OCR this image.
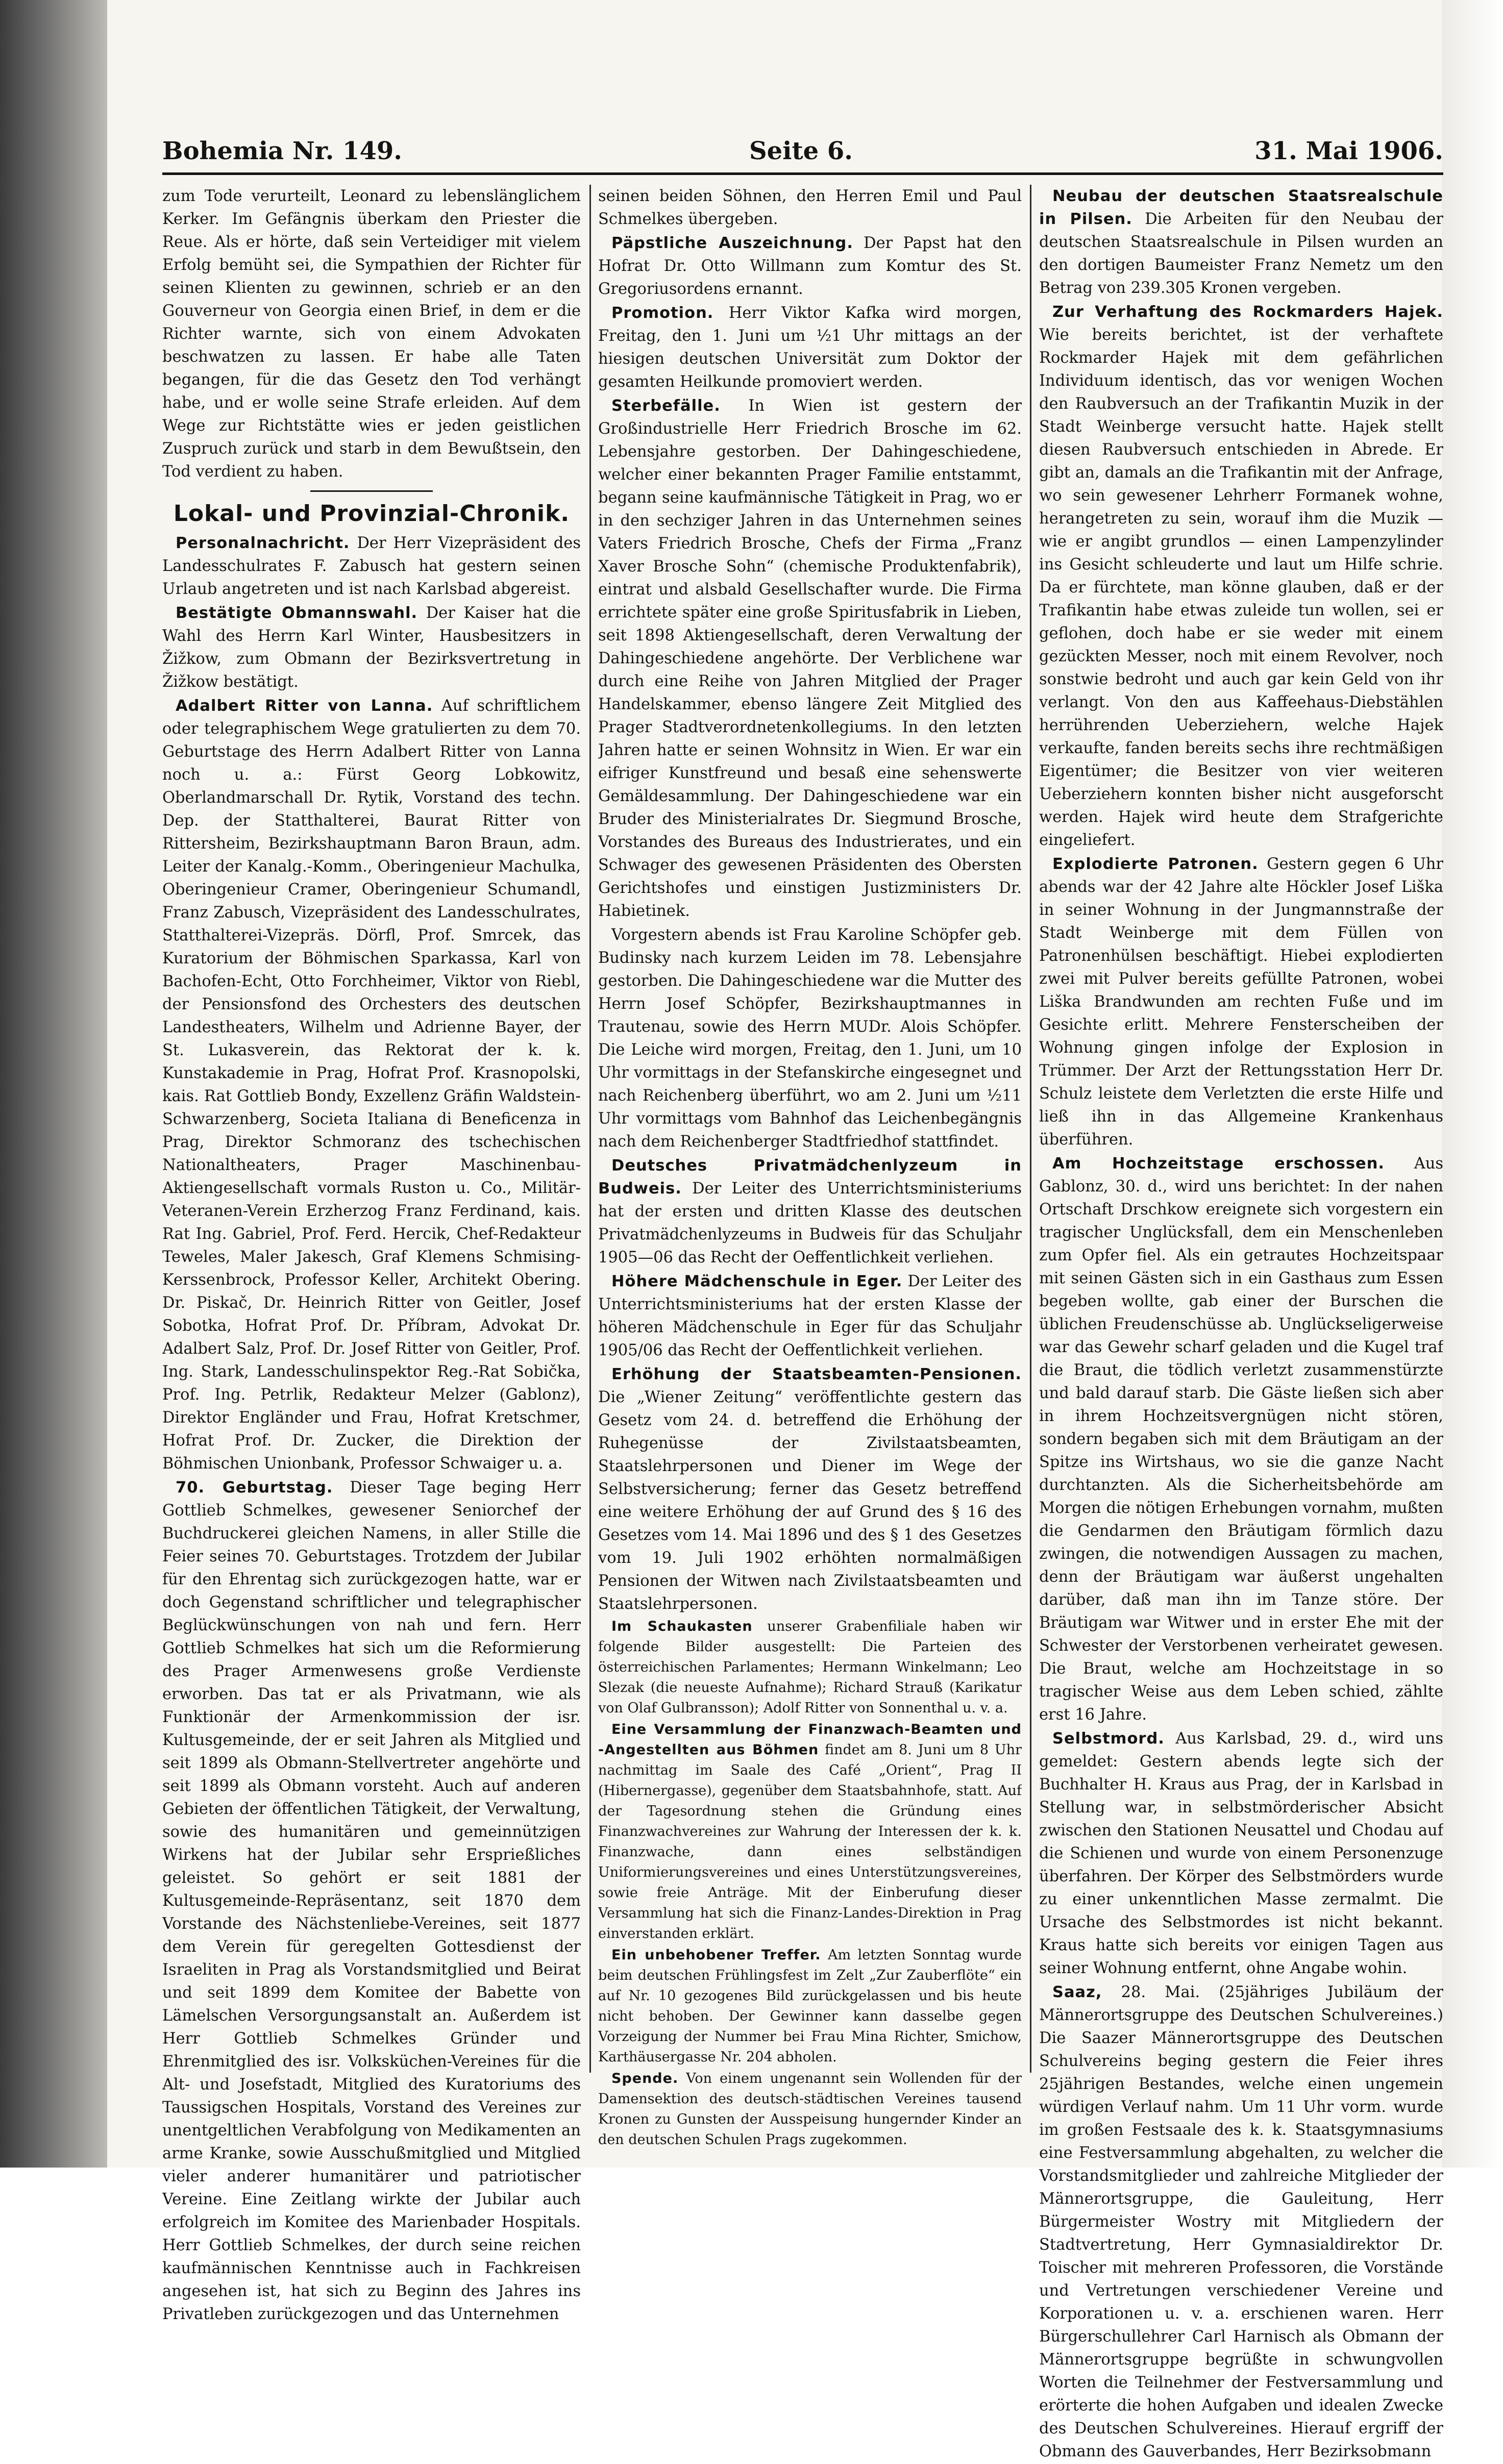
Bohemia Nr. 149.	Seite 6.	31. Mai 1906.

zum Tode verurteilt, Leonard zu lebenslänglichem Kerker. Im Gefängnis überkam den Priester die Reue. Als er hörte, daß sein Verteidiger mit vielem Erfolg bemüht sei, die Sympathien der Richter für seinen Klienten zu gewinnen, schrieb er an den Gouverneur von Georgia einen Brief, in dem er die Richter warnte, sich von einem Advokaten beschwatzen zu lassen. Er habe alle Taten begangen, für die das Gesetz den Tod verhängt habe, und er wolle seine Strafe erleiden. Auf dem Wege zur Richtstätte wies er jeden geistlichen Zuspruch zurück und starb in dem Bewußtsein, den Tod verdient zu haben.

Lokal- und Provinzial-Chronik.

Personalnachricht. Der Herr Vizepräsident des Landesschulrates F. Zabusch hat gestern seinen Urlaub angetreten und ist nach Karlsbad abgereist.

Bestätigte Obmannswahl. Der Kaiser hat die Wahl des Herrn Karl Winter, Hausbesitzers in Žižkow, zum Obmann der Bezirksvertretung in Žižkow bestätigt.

Adalbert Ritter von Lanna. Auf schriftlichem oder telegraphischem Wege gratulierten zu dem 70. Geburtstage des Herrn Adalbert Ritter von Lanna noch u. a.: Fürst Georg Lobkowitz, Oberlandmarschall Dr. Rytik, Vorstand des techn. Dep. der Statthalterei, Baurat Ritter von Rittersheim, Bezirkshauptmann Baron Braun, adm. Leiter der Kanalg.-Komm., Oberingenieur Machulka, Oberingenieur Cramer, Oberingenieur Schumandl, Franz Zabusch, Vizepräsident des Landesschulrates, Statthalterei-Vizepräs. Dörfl, Prof. Smrcek, das Kuratorium der Böhmischen Sparkassa, Karl von Bachofen-Echt, Otto Forchheimer, Viktor von Riebl, der Pensionsfond des Orchesters des deutschen Landestheaters, Wilhelm und Adrienne Bayer, der St. Lukasverein, das Rektorat der k. k. Kunstakademie in Prag, Hofrat Prof. Krasnopolski, kais. Rat Gottlieb Bondy, Exzellenz Gräfin Waldstein-Schwarzenberg, Societa Italiana di Beneficenza in Prag, Direktor Schmoranz des tschechischen Nationaltheaters, Prager Maschinenbau-Aktiengesellschaft vormals Ruston u. Co., Militär-Veteranen-Verein Erzherzog Franz Ferdinand, kais. Rat Ing. Gabriel, Prof. Ferd. Hercik, Chef-Redakteur Teweles, Maler Jakesch, Graf Klemens Schmising-Kerssenbrock, Professor Keller, Architekt Obering. Dr. Piskač, Dr. Heinrich Ritter von Geitler, Josef Sobotka, Hofrat Prof. Dr. Příbram, Advokat Dr. Adalbert Salz, Prof. Dr. Josef Ritter von Geitler, Prof. Ing. Stark, Landesschulinspektor Reg.-Rat Sobička, Prof. Ing. Petrlik, Redakteur Melzer (Gablonz), Direktor Engländer und Frau, Hofrat Kretschmer, Hofrat Prof. Dr. Zucker, die Direktion der Böhmischen Unionbank, Professor Schwaiger u. a.

70. Geburtstag. Dieser Tage beging Herr Gottlieb Schmelkes, gewesener Seniorchef der Buchdruckerei gleichen Namens, in aller Stille die Feier seines 70. Geburtstages. Trotzdem der Jubilar für den Ehrentag sich zurückgezogen hatte, war er doch Gegenstand schriftlicher und telegraphischer Beglückwünschungen von nah und fern. Herr Gottlieb Schmelkes hat sich um die Reformierung des Prager Armenwesens große Verdienste erworben. Das tat er als Privatmann, wie als Funktionär der Armenkommission der isr. Kultusgemeinde, der er seit Jahren als Mitglied und seit 1899 als Obmann-Stellvertreter angehörte und seit 1899 als Obmann vorsteht. Auch auf anderen Gebieten der öffentlichen Tätigkeit, der Verwaltung, sowie des humanitären und gemeinnützigen Wirkens hat der Jubilar sehr Ersprießliches geleistet. So gehört er seit 1881 der Kultusgemeinde-Repräsentanz, seit 1870 dem Vorstande des Nächstenliebe-Vereines, seit 1877 dem Verein für geregelten Gottesdienst der Israeliten in Prag als Vorstandsmitglied und Beirat und seit 1899 dem Komitee der Babette von Lämelschen Versorgungsanstalt an. Außerdem ist Herr Gottlieb Schmelkes Gründer und Ehrenmitglied des isr. Volksküchen-Vereines für die Alt- und Josefstadt, Mitglied des Kuratoriums des Taussigschen Hospitals, Vorstand des Vereines zur unentgeltlichen Verabfolgung von Medikamenten an arme Kranke, sowie Ausschußmitglied und Mitglied vieler anderer humanitärer und patriotischer Vereine. Eine Zeitlang wirkte der Jubilar auch erfolgreich im Komitee des Marienbader Hospitals. Herr Gottlieb Schmelkes, der durch seine reichen kaufmännischen Kenntnisse auch in Fachkreisen angesehen ist, hat sich zu Beginn des Jahres ins Privatleben zurückgezogen und das Unternehmen

seinen beiden Söhnen, den Herren Emil und Paul Schmelkes übergeben.

Päpstliche Auszeichnung. Der Papst hat den Hofrat Dr. Otto Willmann zum Komtur des St. Gregoriusordens ernannt.

Promotion. Herr Viktor Kafka wird morgen, Freitag, den 1. Juni um ½1 Uhr mittags an der hiesigen deutschen Universität zum Doktor der gesamten Heilkunde promoviert werden.

Sterbefälle. In Wien ist gestern der Großindustrielle Herr Friedrich Brosche im 62. Lebensjahre gestorben. Der Dahingeschiedene, welcher einer bekannten Prager Familie entstammt, begann seine kaufmännische Tätigkeit in Prag, wo er in den sechziger Jahren in das Unternehmen seines Vaters Friedrich Brosche, Chefs der Firma „Franz Xaver Brosche Sohn“ (chemische Produktenfabrik), eintrat und alsbald Gesellschafter wurde. Die Firma errichtete später eine große Spiritusfabrik in Lieben, seit 1898 Aktiengesellschaft, deren Verwaltung der Dahingeschiedene angehörte. Der Verblichene war durch eine Reihe von Jahren Mitglied der Prager Handelskammer, ebenso längere Zeit Mitglied des Prager Stadtverordnetenkollegiums. In den letzten Jahren hatte er seinen Wohnsitz in Wien. Er war ein eifriger Kunstfreund und besaß eine sehenswerte Gemäldesammlung. Der Dahingeschiedene war ein Bruder des Ministerialrates Dr. Siegmund Brosche, Vorstandes des Bureaus des Industrierates, und ein Schwager des gewesenen Präsidenten des Obersten Gerichtshofes und einstigen Justizministers Dr. Habietinek.

Vorgestern abends ist Frau Karoline Schöpfer geb. Budinsky nach kurzem Leiden im 78. Lebensjahre gestorben. Die Dahingeschiedene war die Mutter des Herrn Josef Schöpfer, Bezirkshauptmannes in Trautenau, sowie des Herrn MUDr. Alois Schöpfer. Die Leiche wird morgen, Freitag, den 1. Juni, um 10 Uhr vormittags in der Stefanskirche eingesegnet und nach Reichenberg überführt, wo am 2. Juni um ½11 Uhr vormittags vom Bahnhof das Leichenbegängnis nach dem Reichenberger Stadtfriedhof stattfindet.

Deutsches Privatmädchenlyzeum in Budweis. Der Leiter des Unterrichtsministeriums hat der ersten und dritten Klasse des deutschen Privatmädchenlyzeums in Budweis für das Schuljahr 1905—06 das Recht der Oeffentlichkeit verliehen.

Höhere Mädchenschule in Eger. Der Leiter des Unterrichtsministeriums hat der ersten Klasse der höheren Mädchenschule in Eger für das Schuljahr 1905/06 das Recht der Oeffentlichkeit verliehen.

Erhöhung der Staatsbeamten-Pensionen. Die „Wiener Zeitung“ veröffentlichte gestern das Gesetz vom 24. d. betreffend die Erhöhung der Ruhegenüsse der Zivilstaatsbeamten, Staatslehrpersonen und Diener im Wege der Selbstversicherung; ferner das Gesetz betreffend eine weitere Erhöhung der auf Grund des § 16 des Gesetzes vom 14. Mai 1896 und des § 1 des Gesetzes vom 19. Juli 1902 erhöhten normalmäßigen Pensionen der Witwen nach Zivilstaatsbeamten und Staatslehrpersonen.

Im Schaukasten unserer Grabenfiliale haben wir folgende Bilder ausgestellt: Die Parteien des österreichischen Parlamentes; Hermann Winkelmann; Leo Slezak (die neueste Aufnahme); Richard Strauß (Karikatur von Olaf Gulbransson); Adolf Ritter von Sonnenthal u. v. a.

Eine Versammlung der Finanzwach-Beamten und -Angestellten aus Böhmen findet am 8. Juni um 8 Uhr nachmittag im Saale des Café „Orient“, Prag II (Hibernergasse), gegenüber dem Staatsbahnhofe, statt. Auf der Tagesordnung stehen die Gründung eines Finanzwachvereines zur Wahrung der Interessen der k. k. Finanzwache, dann eines selbständigen Uniformierungsvereines und eines Unterstützungsvereines, sowie freie Anträge. Mit der Einberufung dieser Versammlung hat sich die Finanz-Landes-Direktion in Prag einverstanden erklärt.

Ein unbehobener Treffer. Am letzten Sonntag wurde beim deutschen Frühlingsfest im Zelt „Zur Zauberflöte“ ein auf Nr. 10 gezogenes Bild zurückgelassen und bis heute nicht behoben. Der Gewinner kann dasselbe gegen Vorzeigung der Nummer bei Frau Mina Richter, Smichow, Karthäusergasse Nr. 204 abholen.

Spende. Von einem ungenannt sein Wollenden für der Damensektion des deutsch-städtischen Vereines tausend Kronen zu Gunsten der Ausspeisung hungernder Kinder an den deutschen Schulen Prags zugekommen.

Neubau der deutschen Staatsrealschule in Pilsen. Die Arbeiten für den Neubau der deutschen Staatsrealschule in Pilsen wurden an den dortigen Baumeister Franz Nemetz um den Betrag von 239.305 Kronen vergeben.

Zur Verhaftung des Rockmarders Hajek. Wie bereits berichtet, ist der verhaftete Rockmarder Hajek mit dem gefährlichen Individuum identisch, das vor wenigen Wochen den Raubversuch an der Trafikantin Muzik in der Stadt Weinberge versucht hatte. Hajek stellt diesen Raubversuch entschieden in Abrede. Er gibt an, damals an die Trafikantin mit der Anfrage, wo sein gewesener Lehrherr Formanek wohne, herangetreten zu sein, worauf ihm die Muzik — wie er angibt grundlos — einen Lampenzylinder ins Gesicht schleuderte und laut um Hilfe schrie. Da er fürchtete, man könne glauben, daß er der Trafikantin habe etwas zuleide tun wollen, sei er geflohen, doch habe er sie weder mit einem gezückten Messer, noch mit einem Revolver, noch sonstwie bedroht und auch gar kein Geld von ihr verlangt. Von den aus Kaffeehaus-Diebstählen herrührenden Ueberziehern, welche Hajek verkaufte, fanden bereits sechs ihre rechtmäßigen Eigentümer; die Besitzer von vier weiteren Ueberziehern konnten bisher nicht ausgeforscht werden. Hajek wird heute dem Strafgerichte eingeliefert.

Explodierte Patronen. Gestern gegen 6 Uhr abends war der 42 Jahre alte Höckler Josef Liška in seiner Wohnung in der Jungmannstraße der Stadt Weinberge mit dem Füllen von Patronenhülsen beschäftigt. Hiebei explodierten zwei mit Pulver bereits gefüllte Patronen, wobei Liška Brandwunden am rechten Fuße und im Gesichte erlitt. Mehrere Fensterscheiben der Wohnung gingen infolge der Explosion in Trümmer. Der Arzt der Rettungsstation Herr Dr. Schulz leistete dem Verletzten die erste Hilfe und ließ ihn in das Allgemeine Krankenhaus überführen.

Am Hochzeitstage erschossen. Aus Gablonz, 30. d., wird uns berichtet: In der nahen Ortschaft Drschkow ereignete sich vorgestern ein tragischer Unglücksfall, dem ein Menschenleben zum Opfer fiel. Als ein getrautes Hochzeitspaar mit seinen Gästen sich in ein Gasthaus zum Essen begeben wollte, gab einer der Burschen die üblichen Freudenschüsse ab. Unglückseligerweise war das Gewehr scharf geladen und die Kugel traf die Braut, die tödlich verletzt zusammenstürzte und bald darauf starb. Die Gäste ließen sich aber in ihrem Hochzeitsvergnügen nicht stören, sondern begaben sich mit dem Bräutigam an der Spitze ins Wirtshaus, wo sie die ganze Nacht durchtanzten. Als die Sicherheitsbehörde am Morgen die nötigen Erhebungen vornahm, mußten die Gendarmen den Bräutigam förmlich dazu zwingen, die notwendigen Aussagen zu machen, denn der Bräutigam war äußerst ungehalten darüber, daß man ihn im Tanze störe. Der Bräutigam war Witwer und in erster Ehe mit der Schwester der Verstorbenen verheiratet gewesen. Die Braut, welche am Hochzeitstage in so tragischer Weise aus dem Leben schied, zählte erst 16 Jahre.

Selbstmord. Aus Karlsbad, 29. d., wird uns gemeldet: Gestern abends legte sich der Buchhalter H. Kraus aus Prag, der in Karlsbad in Stellung war, in selbstmörderischer Absicht zwischen den Stationen Neusattel und Chodau auf die Schienen und wurde von einem Personenzuge überfahren. Der Körper des Selbstmörders wurde zu einer unkenntlichen Masse zermalmt. Die Ursache des Selbstmordes ist nicht bekannt. Kraus hatte sich bereits vor einigen Tagen aus seiner Wohnung entfernt, ohne Angabe wohin.

Saaz, 28. Mai. (25jähriges Jubiläum der Männerortsgruppe des Deutschen Schulvereines.) Die Saazer Männerortsgruppe des Deutschen Schulvereins beging gestern die Feier ihres 25jährigen Bestandes, welche einen ungemein würdigen Verlauf nahm. Um 11 Uhr vorm. wurde im großen Festsaale des k. k. Staatsgymnasiums eine Festversammlung abgehalten, zu welcher die Vorstandsmitglieder und zahlreiche Mitglieder der Männerortsgruppe, die Gauleitung, Herr Bürgermeister Wostry mit Mitgliedern der Stadtvertretung, Herr Gymnasialdirektor Dr. Toischer mit mehreren Professoren, die Vorstände und Vertretungen verschiedener Vereine und Korporationen u. v. a. erschienen waren. Herr Bürgerschullehrer Carl Harnisch als Obmann der Männerortsgruppe begrüßte in schwungvollen Worten die Teilnehmer der Festversammlung und erörterte die hohen Aufgaben und idealen Zwecke des Deutschen Schulvereines. Hierauf ergriff der Obmann des Gauverbandes, Herr Bezirksobmann
